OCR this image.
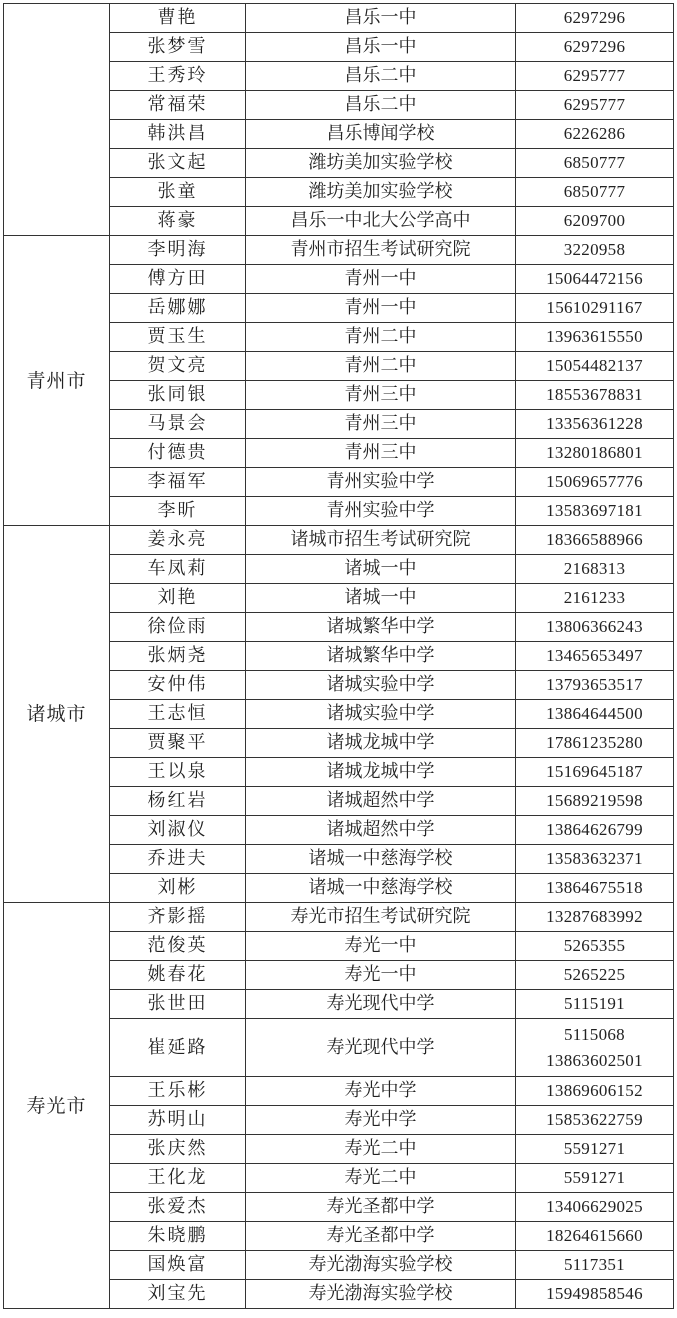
	曹艳	昌乐一中	6297296

	张梦雪	昌乐一中	6297296

	王秀玲	昌乐二中	6295777

	常福荣	昌乐二中	6295777

	韩洪昌	昌乐博闻学校	6226286

	张文起	潍坊美加实验学校	6850777

	张童	潍坊美加实验学校	6850777

	蒋豪	昌乐一中北大公学高中	6209700

青州市	李明海	青州市招生考试研究院	3220958

	傅方田	青州一中	15064472156

	岳娜娜	青州一中	15610291167

	贾玉生	青州二中	13963615550

	贺文亮	青州二中	15054482137

	张同银	青州三中	18553678831

	马景会	青州三中	13356361228

	付德贵	青州三中	13280186801

	李福军	青州实验中学	15069657776

	李昕	青州实验中学	13583697181

诸城市	姜永亮	诸城市招生考试研究院	18366588966

	车凤莉	诸城一中	2168313

	刘艳	诸城一中	2161233

	徐俭雨	诸城繁华中学	13806366243

	张炳尧	诸城繁华中学	13465653497

	安仲伟	诸城实验中学	13793653517

	王志恒	诸城实验中学	13864644500

	贾聚平	诸城龙城中学	17861235280

	王以泉	诸城龙城中学	15169645187

	杨红岩	诸城超然中学	15689219598

	刘淑仪	诸城超然中学	13864626799

	乔进夫	诸城一中慈海学校	13583632371

	刘彬	诸城一中慈海学校	13864675518

寿光市	齐影摇	寿光市招生考试研究院	13287683992

	范俊英	寿光一中	5265355

	姚春花	寿光一中	5265225

	张世田	寿光现代中学	5115191

	崔延路	寿光现代中学	5115068
13863602501

	王乐彬	寿光中学	13869606152

	苏明山	寿光中学	15853622759

	张庆然	寿光二中	5591271

	王化龙	寿光二中	5591271

	张爱杰	寿光圣都中学	13406629025

	朱晓鹏	寿光圣都中学	18264615660

	国焕富	寿光渤海实验学校	5117351

	刘宝先	寿光渤海实验学校	15949858546
